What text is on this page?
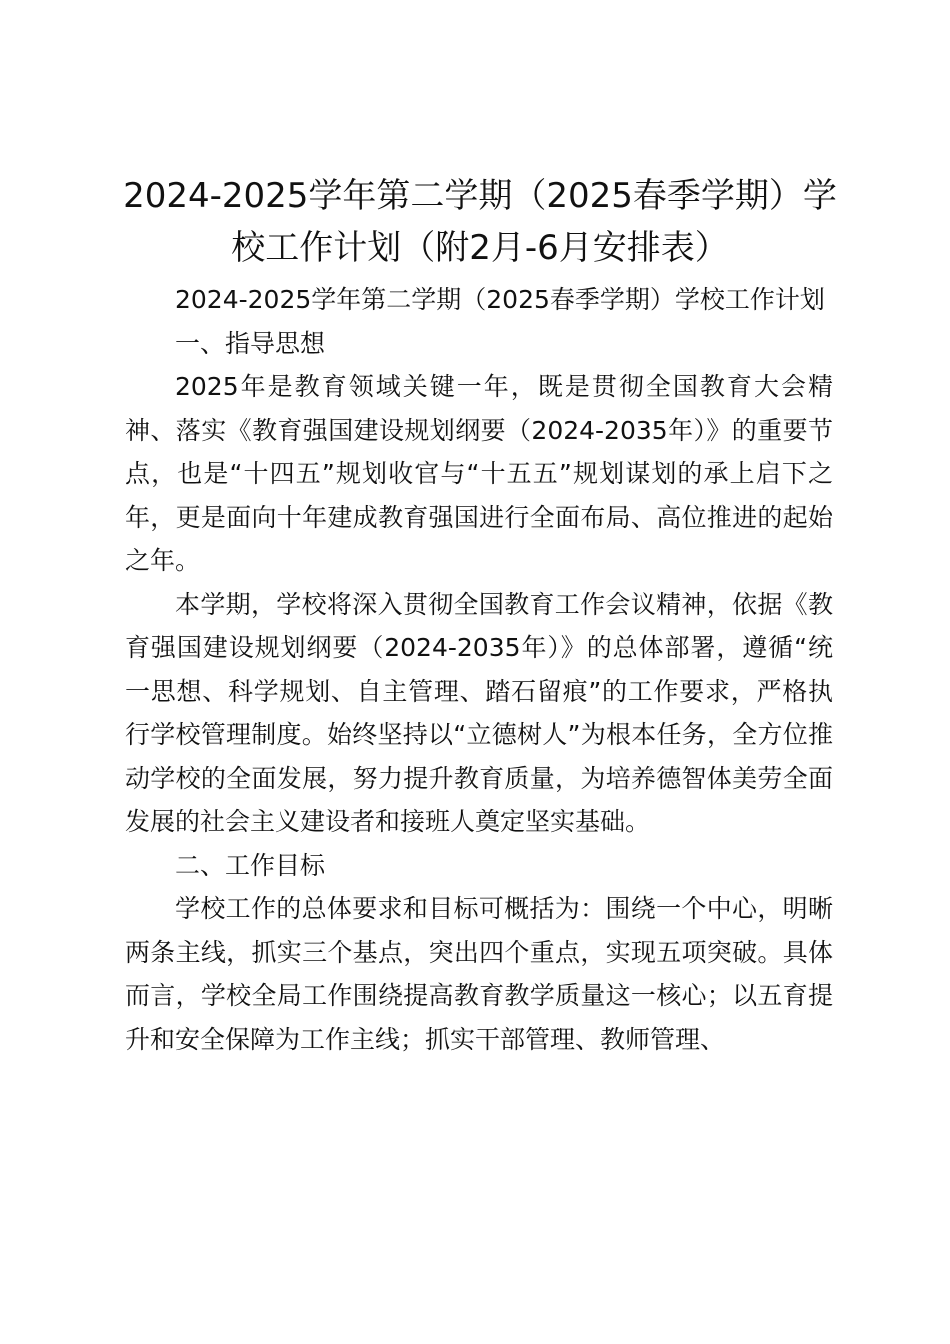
2024-2025学年第二学期（2025春季学期）学校工作计划（附2月-6月安排表）

2024-2025学年第二学期（2025春季学期）学校工作计划

一、指导思想

2025年是教育领域关键一年，既是贯彻全国教育大会精神、落实《教育强国建设规划纲要（2024-2035年）》的重要节点，也是“十四五”规划收官与“十五五”规划谋划的承上启下之年，更是面向十年建成教育强国进行全面布局、高位推进的起始之年。

本学期，学校将深入贯彻全国教育工作会议精神，依据《教育强国建设规划纲要（2024-2035年）》的总体部署，遵循“统一思想、科学规划、自主管理、踏石留痕”的工作要求，严格执行学校管理制度。始终坚持以“立德树人”为根本任务，全方位推动学校的全面发展，努力提升教育质量，为培养德智体美劳全面发展的社会主义建设者和接班人奠定坚实基础。

二、工作目标

学校工作的总体要求和目标可概括为：围绕一个中心，明晰两条主线，抓实三个基点，突出四个重点，实现五项突破。具体而言，学校全局工作围绕提高教育教学质量这一核心；以五育提升和安全保障为工作主线；抓实干部管理、教师管理、
